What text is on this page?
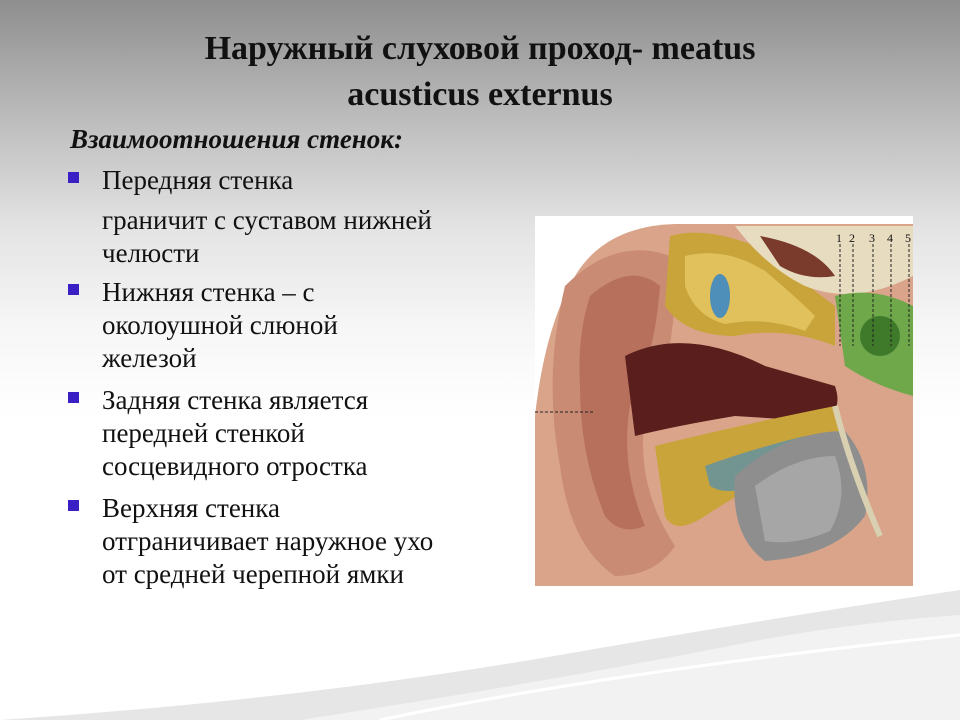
Наружный слуховой проход- meatus
acusticus externus
Взаимоотношения стенок:
Передняя стенка
граничит с суставом нижней
челюсти
Нижняя стенка – с
околоушной слюной
железой
Задняя стенка является
передней стенкой
сосцевидного отростка
Верхняя стенка
отграничивает наружное ухо
от средней черепной ямки
1 2 3 4 5
